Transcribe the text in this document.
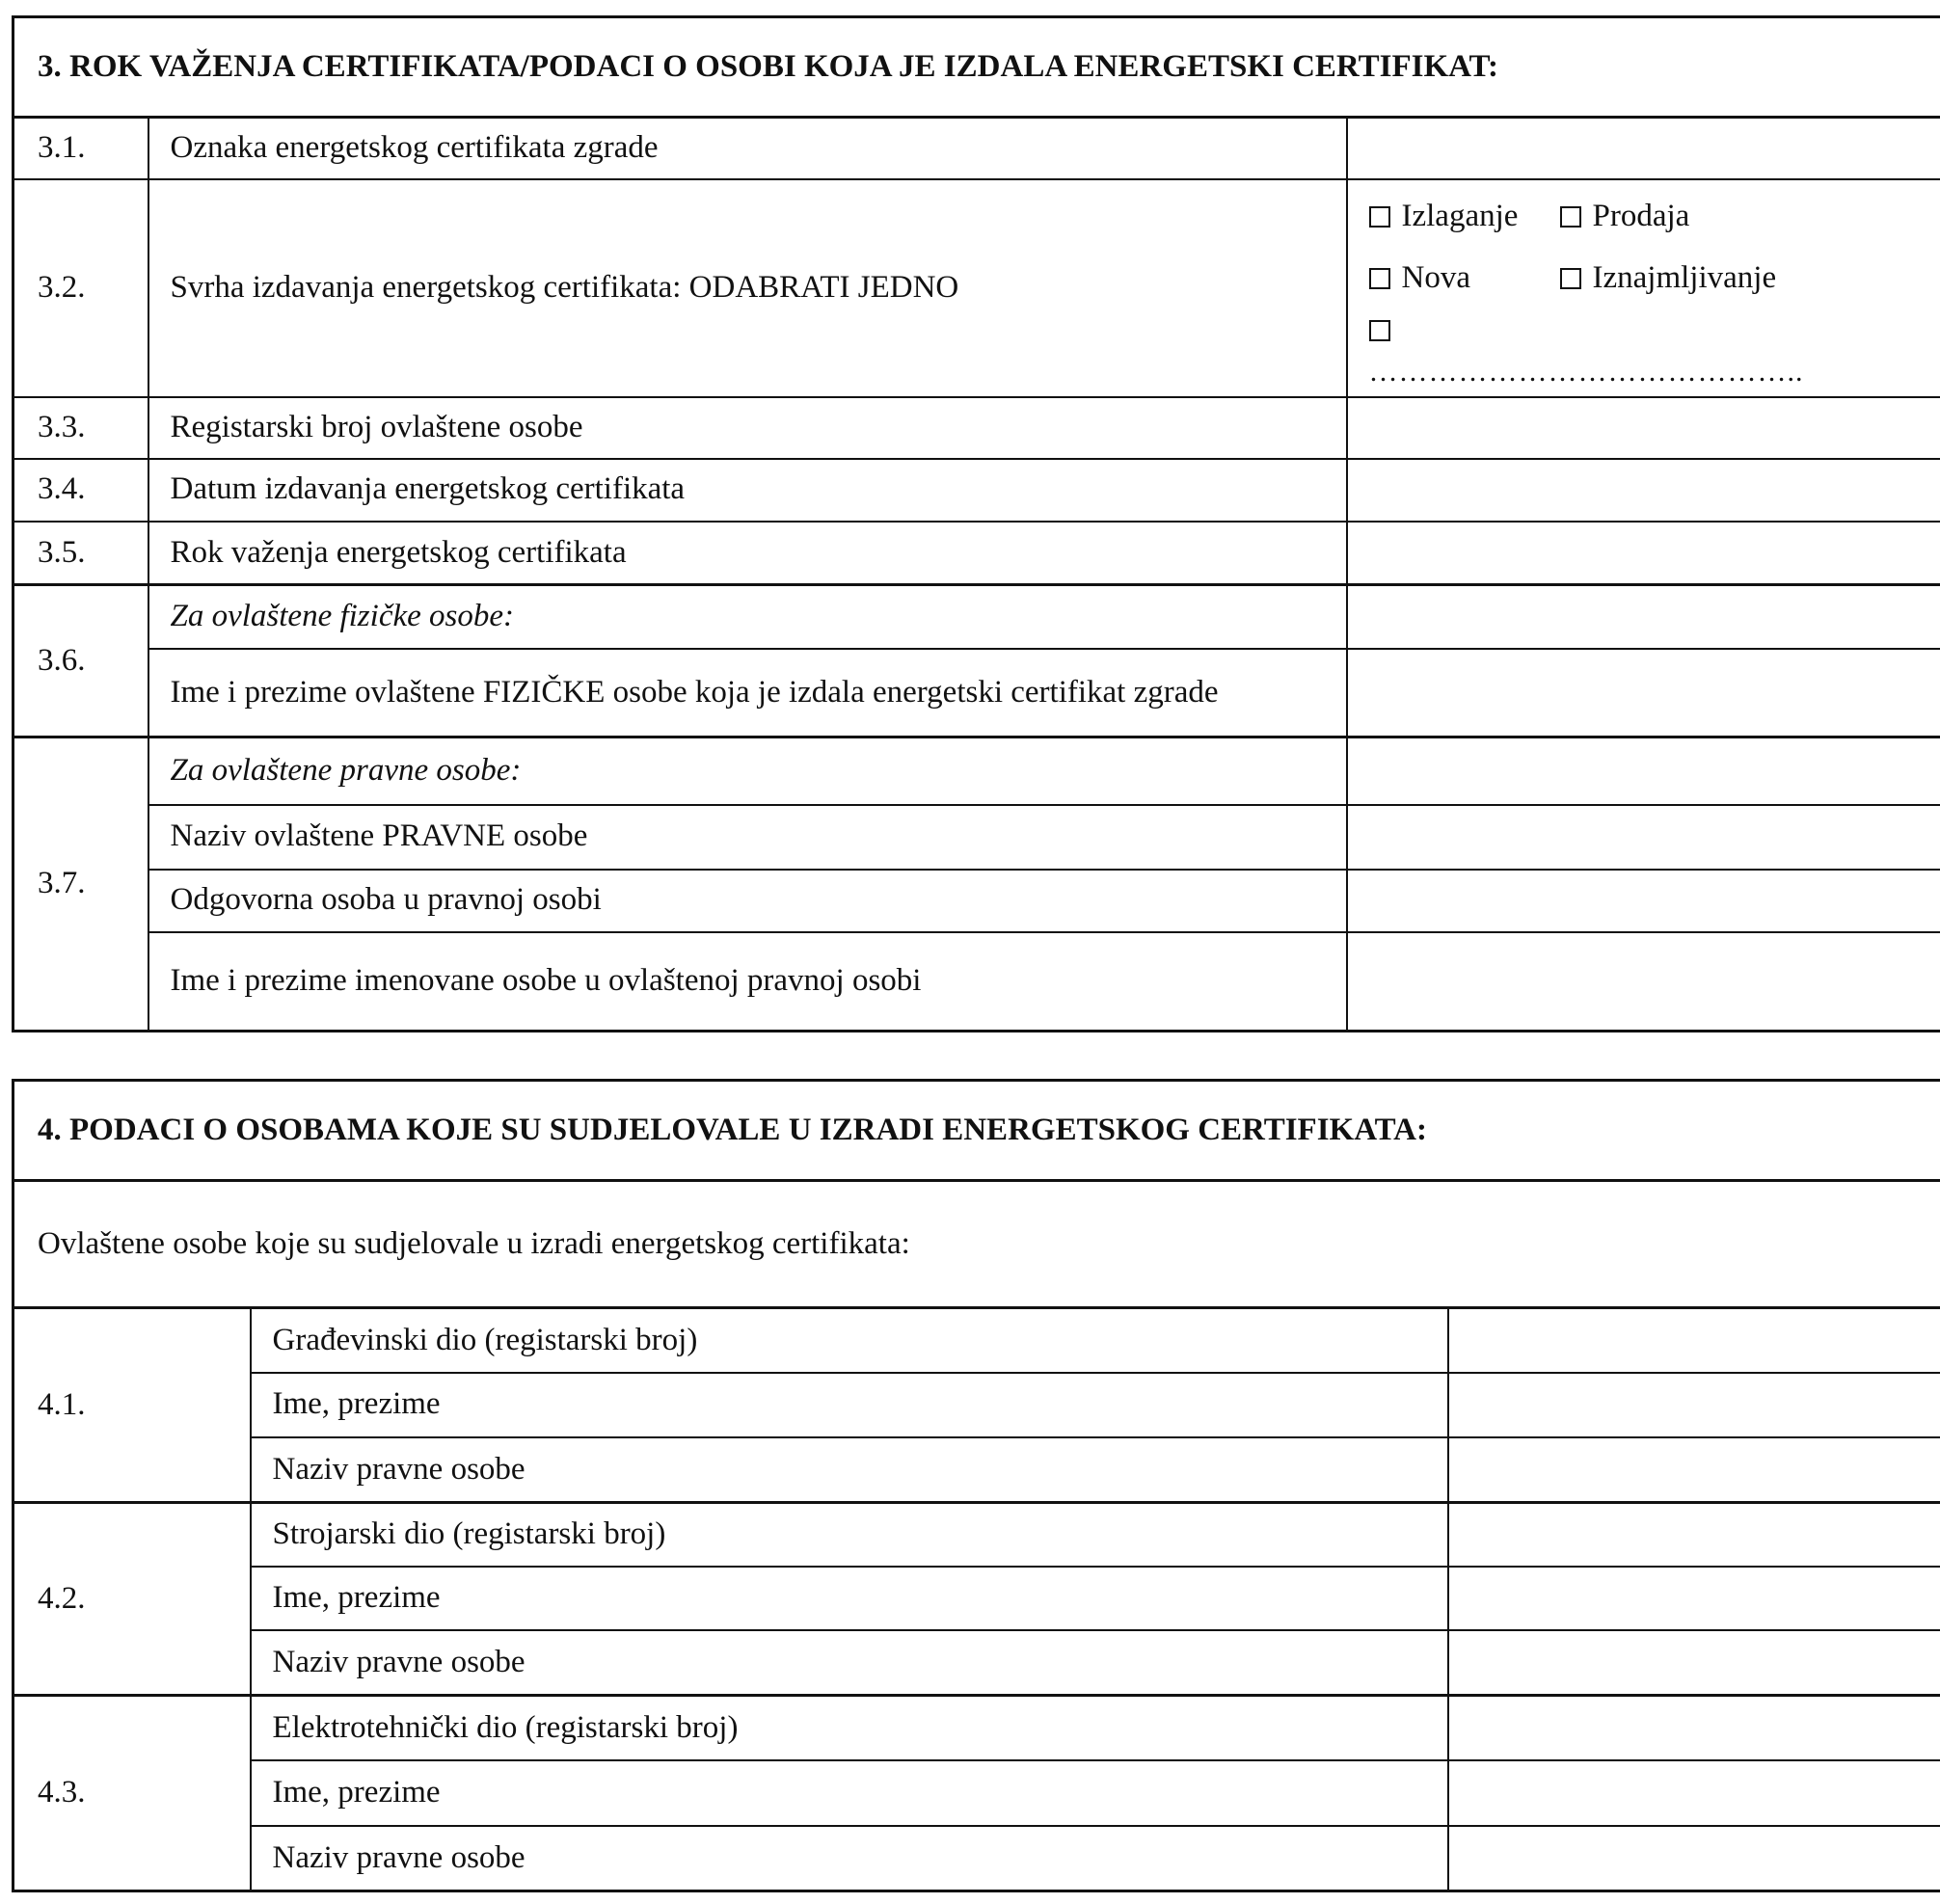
3. ROK VAŽENJA CERTIFIKATA/PODACI O OSOBI KOJA JE IZDALA ENERGETSKI CERTIFIKAT:		
3.1.	Oznaka energetskog certifikata zgrade	
3.2.	Svrha izdavanja energetskog certifikata: ODABRATI JEDNO	Izlaganje Prodaja
Nova Iznajmljivanje
……………………………………..

3.3.	Registarski broj ovlaštene osobe	
3.4.	Datum izdavanja energetskog certifikata	
3.5.	Rok važenja energetskog certifikata	
3.6.	Za ovlaštene fizičke osobe:	
	Ime i prezime ovlaštene FIZIČKE osobe koja je izdala energetski certifikat zgrade	
3.7.	Za ovlaštene pravne osobe:	
	Naziv ovlaštene PRAVNE osobe	
	Odgovorna osoba u pravnoj osobi	
	Ime i prezime imenovane osobe u ovlaštenoj pravnoj osobi	
4. PODACI O OSOBAMA KOJE SU SUDJELOVALE U IZRADI ENERGETSKOG CERTIFIKATA:		
Ovlaštene osobe koje su sudjelovale u izradi energetskog certifikata:		
4.1.	Građevinski dio (registarski broj)	
	Ime, prezime	
	Naziv pravne osobe	
4.2.	Strojarski dio (registarski broj)	
	Ime, prezime	
	Naziv pravne osobe	
4.3.	Elektrotehnički dio (registarski broj)	
	Ime, prezime	
	Naziv pravne osobe	
